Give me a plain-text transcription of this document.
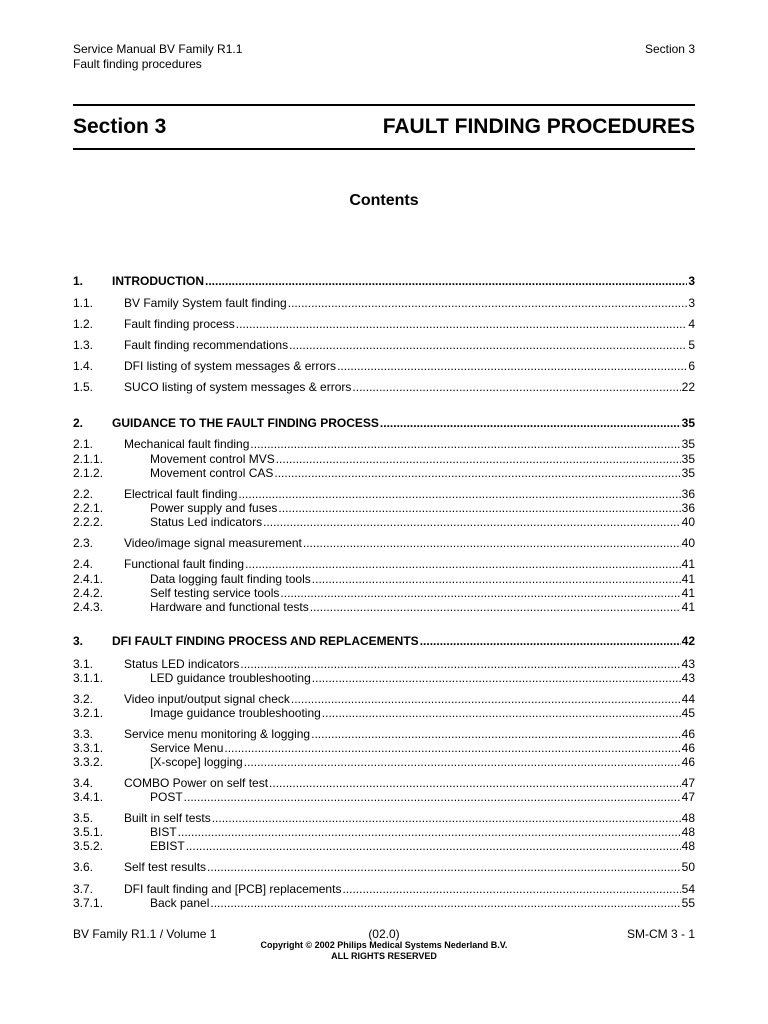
Service Manual BV Family R1.1	Section 3
Fault finding procedures
Section 3	FAULT FINDING PROCEDURES
Contents
1. INTRODUCTION .....	3
1.1.	BV Family System fault finding .....	3
1.2.	Fault finding process .....	4
1.3.	Fault finding recommendations .....	5
1.4.	DFI listing of system messages & errors .....	6
1.5.	SUCO listing of system messages & errors .....	22
2. GUIDANCE TO THE FAULT FINDING PROCESS .....	35
2.1.	Mechanical fault finding .....	35
2.1.1.	Movement control MVS .....	35
2.1.2.	Movement control CAS .....	35
2.2.	Electrical fault finding .....	36
2.2.1.	Power supply and fuses .....	36
2.2.2.	Status Led indicators .....	40
2.3.	Video/image signal measurement .....	40
2.4.	Functional fault finding .....	41
2.4.1.	Data logging fault finding tools .....	41
2.4.2.	Self testing service tools .....	41
2.4.3.	Hardware and functional tests .....	41
3. DFI FAULT FINDING PROCESS AND REPLACEMENTS .....	42
3.1.	Status LED indicators .....	43
3.1.1.	LED guidance troubleshooting .....	43
3.2.	Video input/output signal check .....	44
3.2.1.	Image guidance troubleshooting .....	45
3.3.	Service menu monitoring & logging .....	46
3.3.1.	Service Menu .....	46
3.3.2.	[X-scope] logging .....	46
3.4.	COMBO Power on self test .....	47
3.4.1.	POST .....	47
3.5.	Built in self tests .....	48
3.5.1.	BIST .....	48
3.5.2.	EBIST .....	48
3.6.	Self test results .....	50
3.7.	DFI fault finding and [PCB] replacements .....	54
3.7.1.	Back panel .....	55
BV Family R1.1 / Volume 1	(02.0)	SM-CM 3 - 1
Copyright © 2002 Philips Medical Systems Nederland B.V.
ALL RIGHTS RESERVED
